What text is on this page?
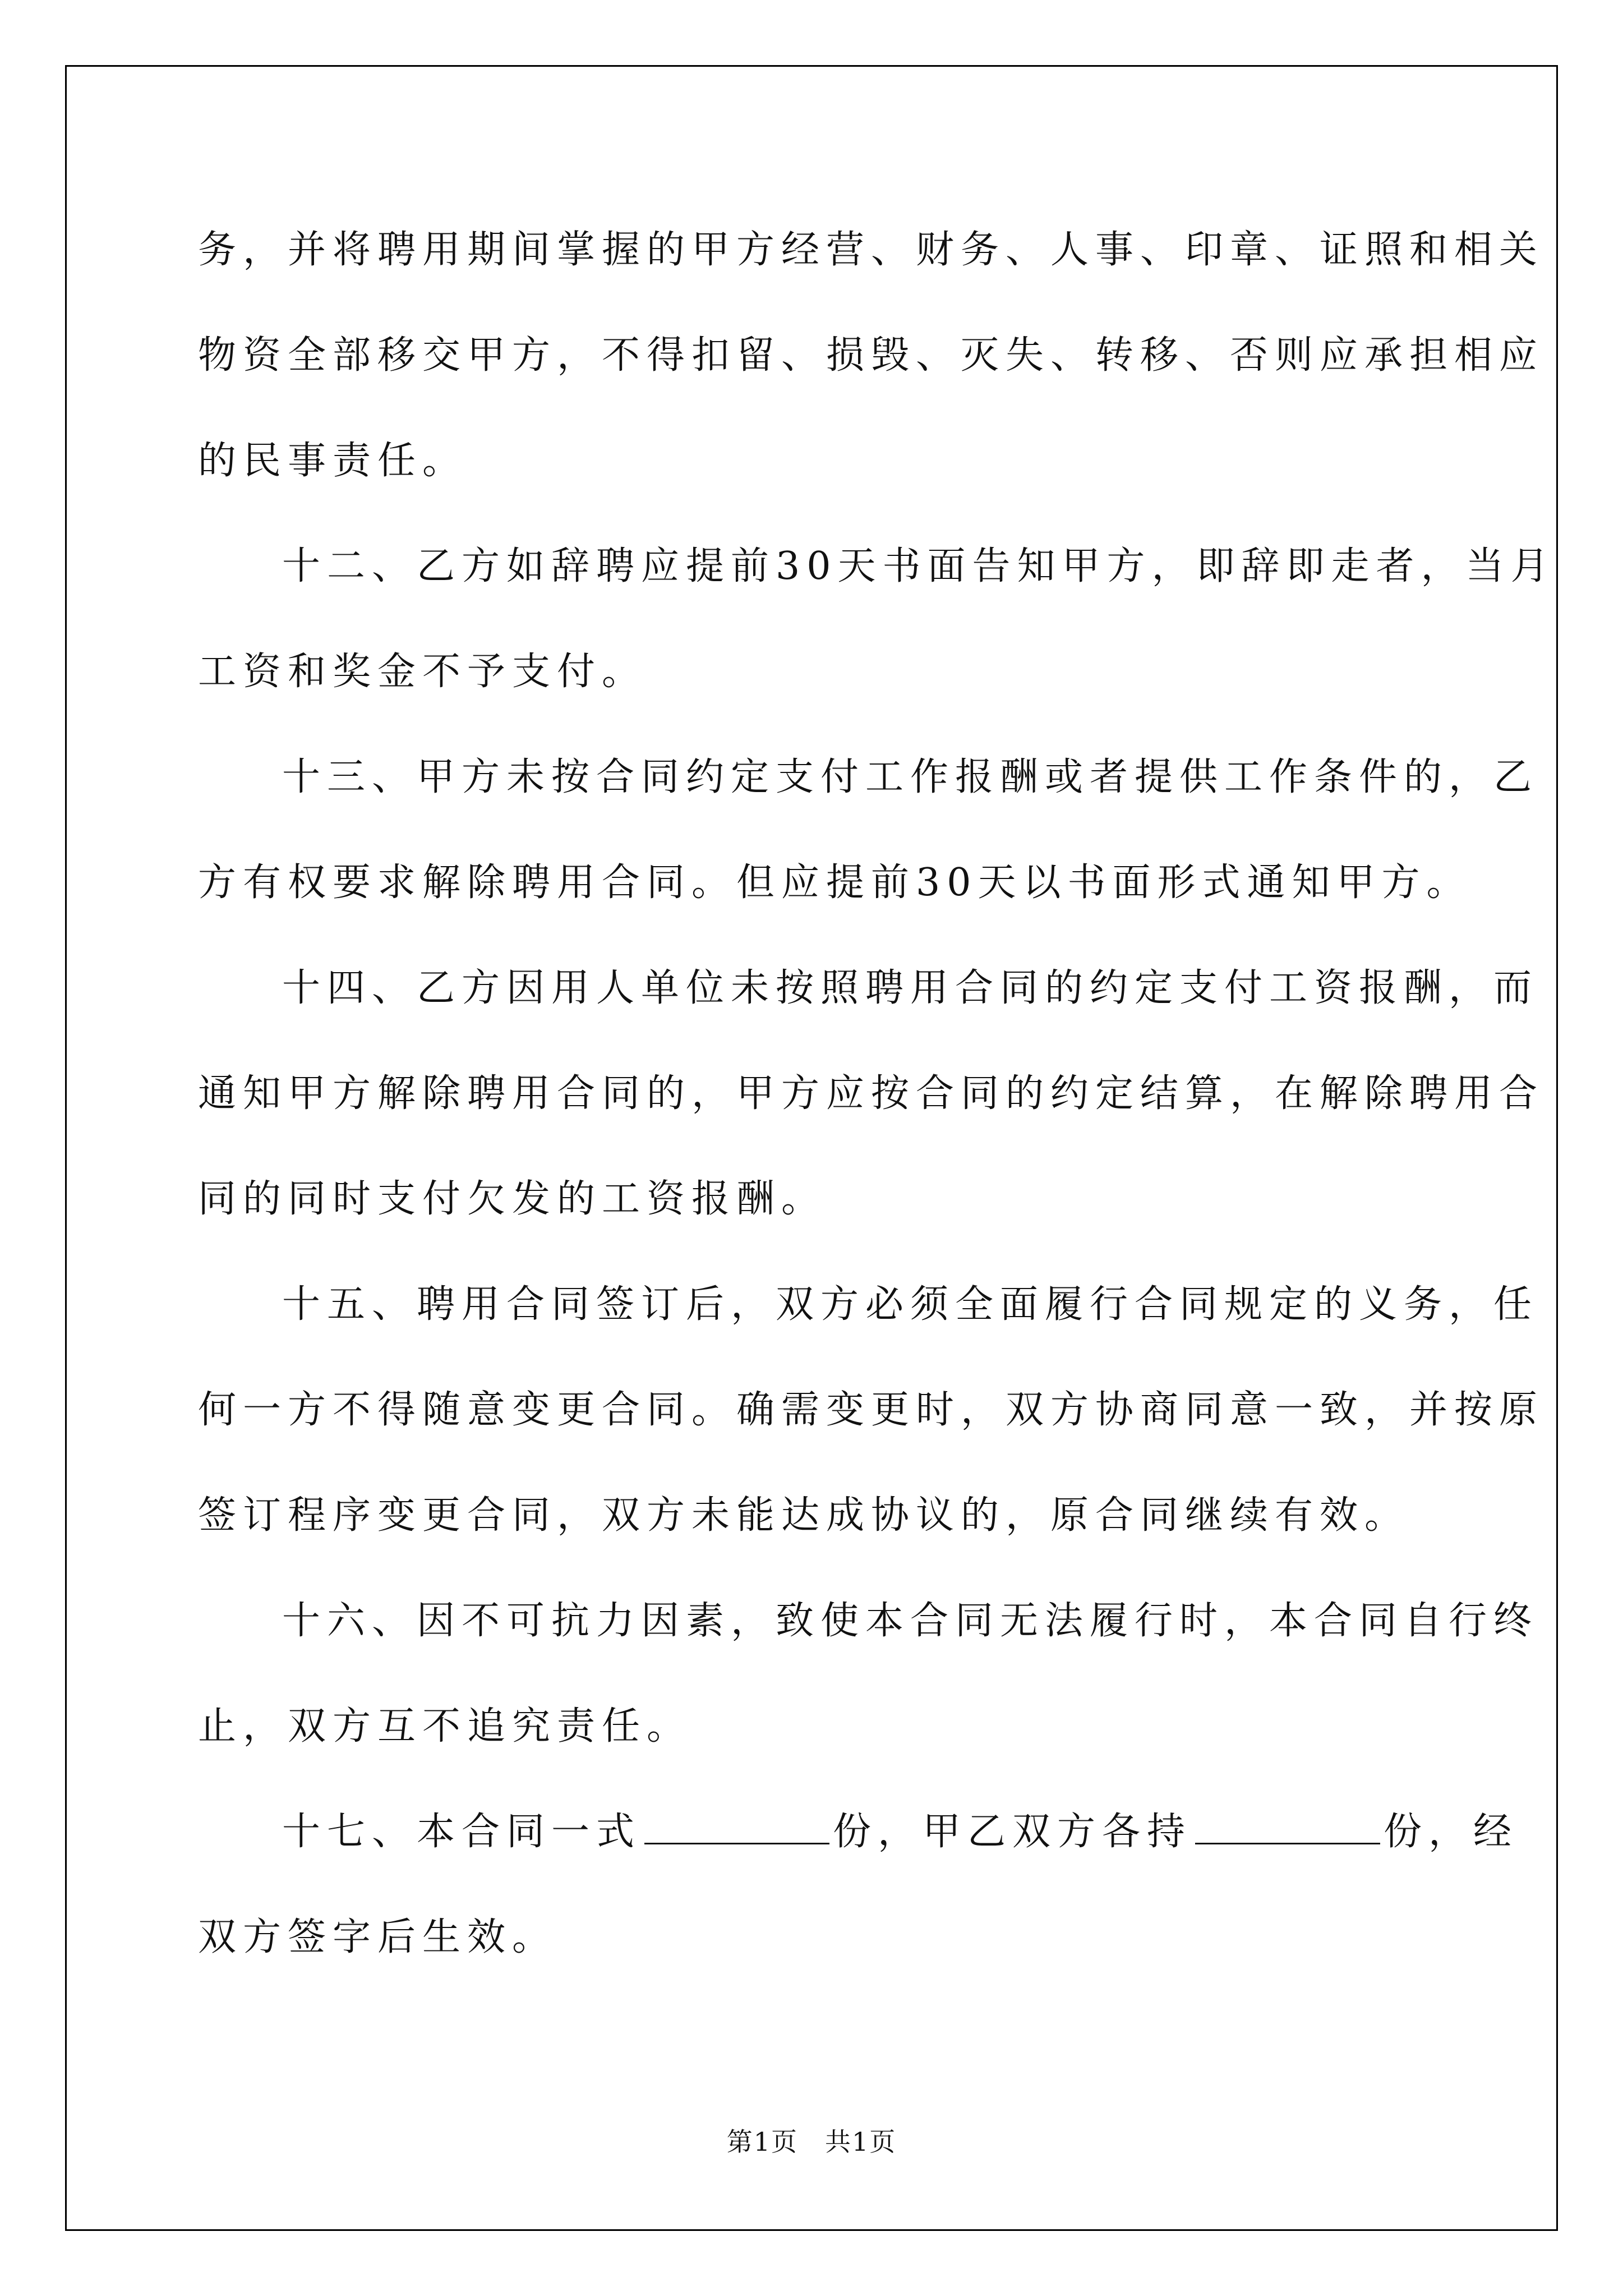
务，并将聘用期间掌握的甲方经营、财务、人事、印章、证照和相关
物资全部移交甲方，不得扣留、损毁、灭失、转移、否则应承担相应
的民事责任。
十二、乙方如辞聘应提前30天书面告知甲方，即辞即走者，当月
工资和奖金不予支付。
十三、甲方未按合同约定支付工作报酬或者提供工作条件的，乙
方有权要求解除聘用合同。但应提前30天以书面形式通知甲方。
十四、乙方因用人单位未按照聘用合同的约定支付工资报酬，而
通知甲方解除聘用合同的，甲方应按合同的约定结算，在解除聘用合
同的同时支付欠发的工资报酬。
十五、聘用合同签订后，双方必须全面履行合同规定的义务，任
何一方不得随意变更合同。确需变更时，双方协商同意一致，并按原
签订程序变更合同，双方未能达成协议的，原合同继续有效。
十六、因不可抗力因素，致使本合同无法履行时，本合同自行终
止，双方互不追究责任。
十七、本合同一式	份，甲乙双方各持	份，经
双方签字后生效。
第1页　共1页
